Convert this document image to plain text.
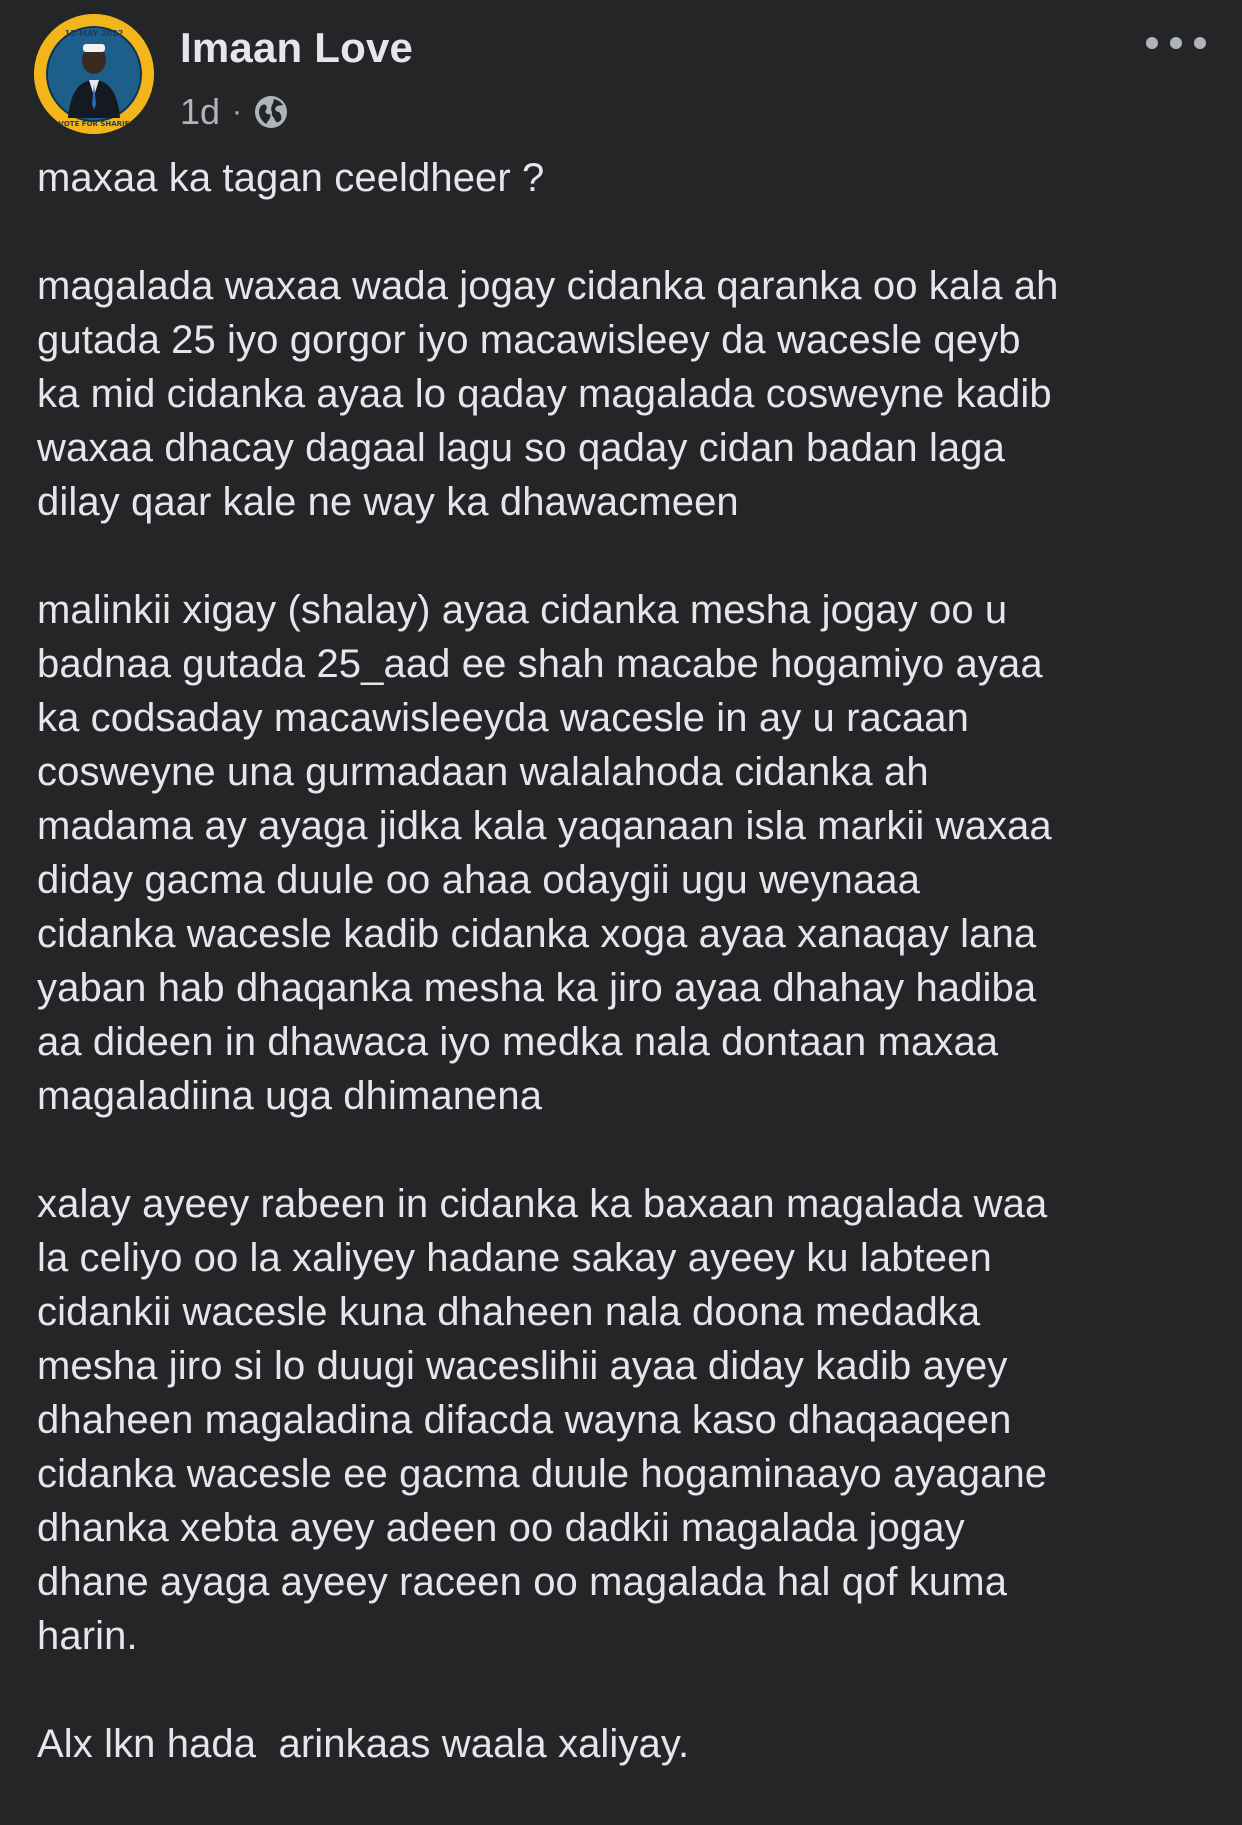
15-MAY 2022
VOTE FOR SHARIF
Imaan Love
1d ·

maxaa ka tagan ceeldheer ?

magalada waxaa wada jogay cidanka qaranka oo kala ah
gutada 25 iyo gorgor iyo macawisleey da wacesle qeyb
ka mid cidanka ayaa lo qaday magalada cosweyne kadib
waxaa dhacay dagaal lagu so qaday cidan badan laga
dilay qaar kale ne way ka dhawacmeen

malinkii xigay (shalay) ayaa cidanka mesha jogay oo u
badnaa gutada 25_aad ee shah macabe hogamiyo ayaa
ka codsaday macawisleeyda wacesle in ay u racaan
cosweyne una gurmadaan walalahoda cidanka ah
madama ay ayaga jidka kala yaqanaan isla markii waxaa
diday gacma duule oo ahaa odaygii ugu weynaaa
cidanka wacesle kadib cidanka xoga ayaa xanaqay lana
yaban hab dhaqanka mesha ka jiro ayaa dhahay hadiba
aa dideen in dhawaca iyo medka nala dontaan maxaa
magaladiina uga dhimanena

xalay ayeey rabeen in cidanka ka baxaan magalada waa
la celiyo oo la xaliyey hadane sakay ayeey ku labteen
cidankii wacesle kuna dhaheen nala doona medadka
mesha jiro si lo duugi waceslihii ayaa diday kadib ayey
dhaheen magaladina difacda wayna kaso dhaqaaqeen
cidanka wacesle ee gacma duule hogaminaayo ayagane
dhanka xebta ayey adeen oo dadkii magalada jogay
dhane ayaga ayeey raceen oo magalada hal qof kuma
harin.

Alx lkn hada  arinkaas waala xaliyay.
